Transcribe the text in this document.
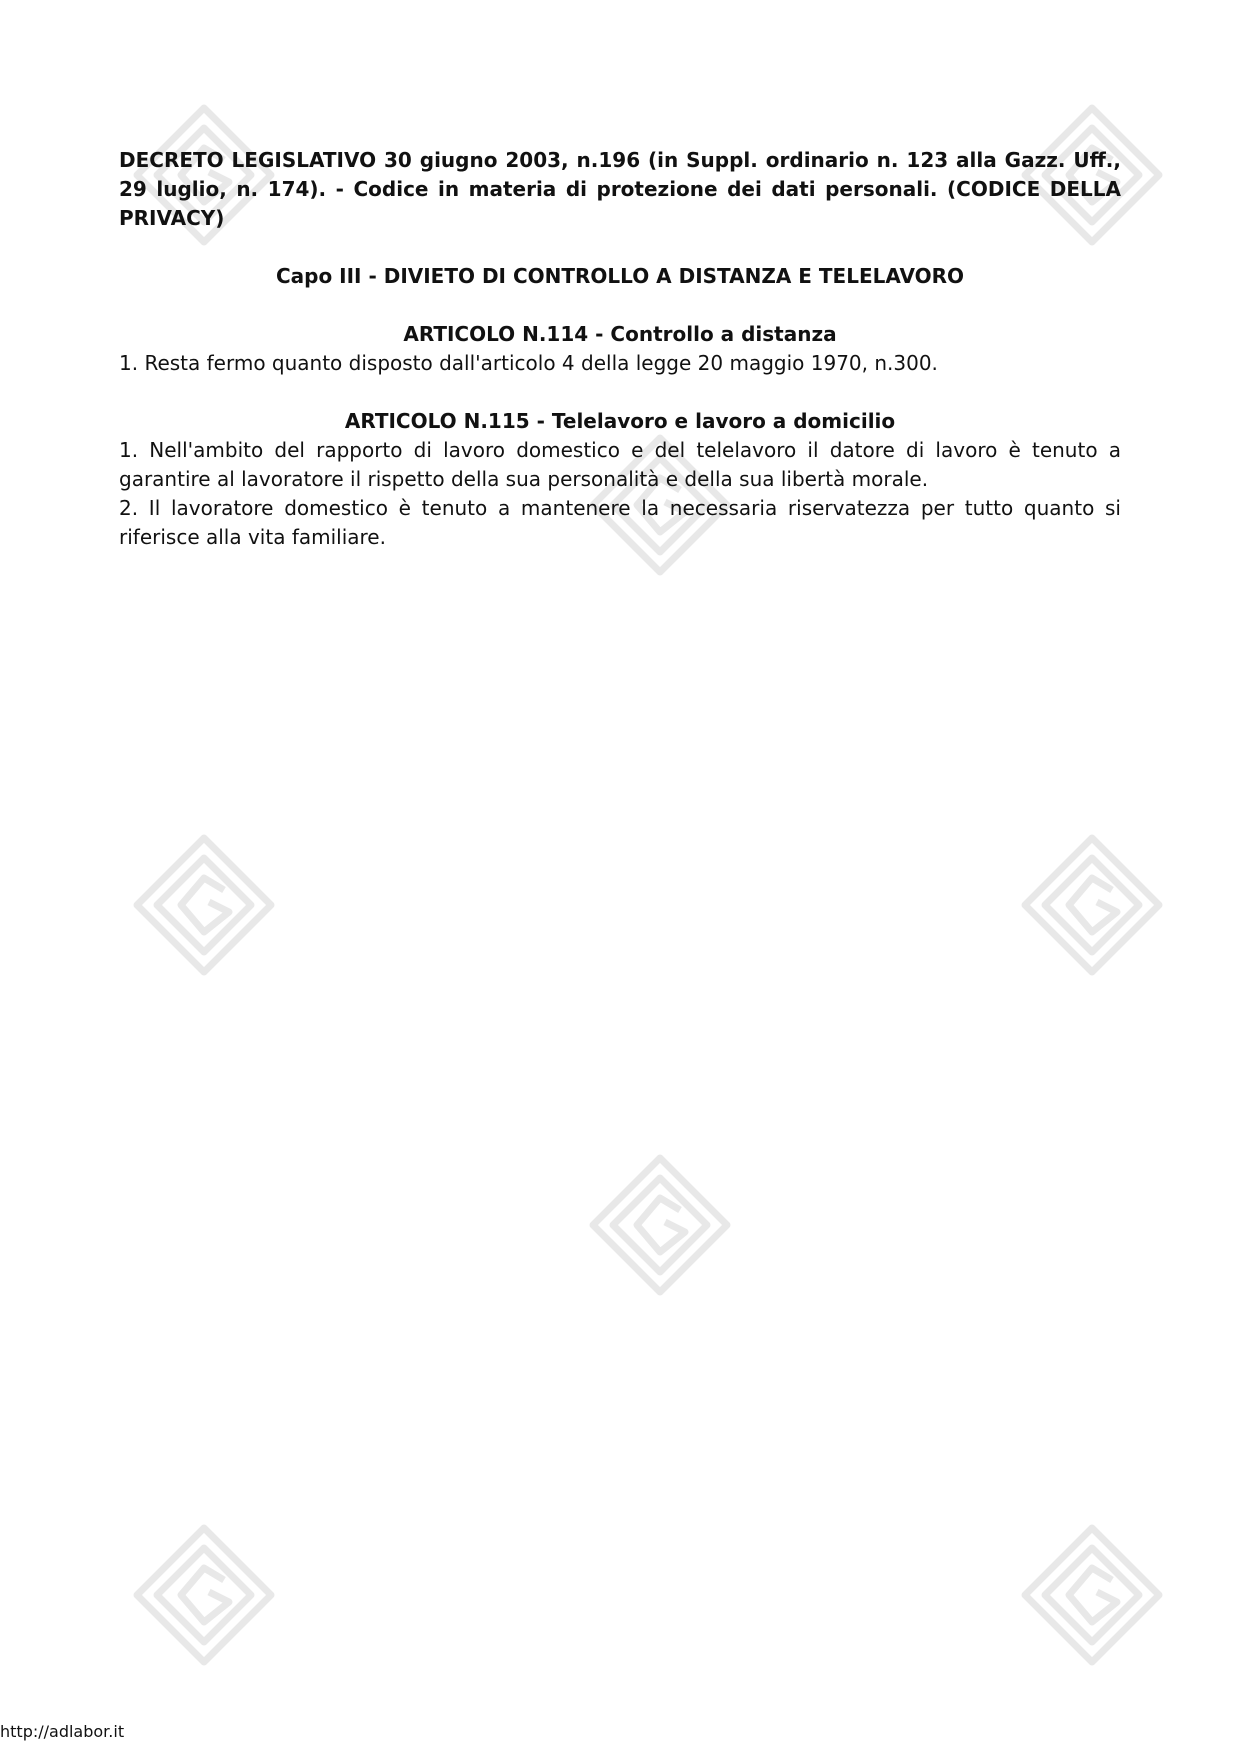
DECRETO LEGISLATIVO 30 giugno 2003, n.196 (in Suppl. ordinario n. 123 alla Gazz. Uff., 29 luglio, n. 174). - Codice in materia di protezione dei dati personali. (CODICE DELLA PRIVACY)

Capo III - DIVIETO DI CONTROLLO A DISTANZA E TELELAVORO

ARTICOLO N.114 - Controllo a distanza

1. Resta fermo quanto disposto dall'articolo 4 della legge 20 maggio 1970, n.300.

ARTICOLO N.115 - Telelavoro e lavoro a domicilio

1. Nell'ambito del rapporto di lavoro domestico e del telelavoro il datore di lavoro è tenuto a garantire al lavoratore il rispetto della sua personalità e della sua libertà morale.

2. Il lavoratore domestico è tenuto a mantenere la necessaria riservatezza per tutto quanto si riferisce alla vita familiare.

http://adlabor.it
